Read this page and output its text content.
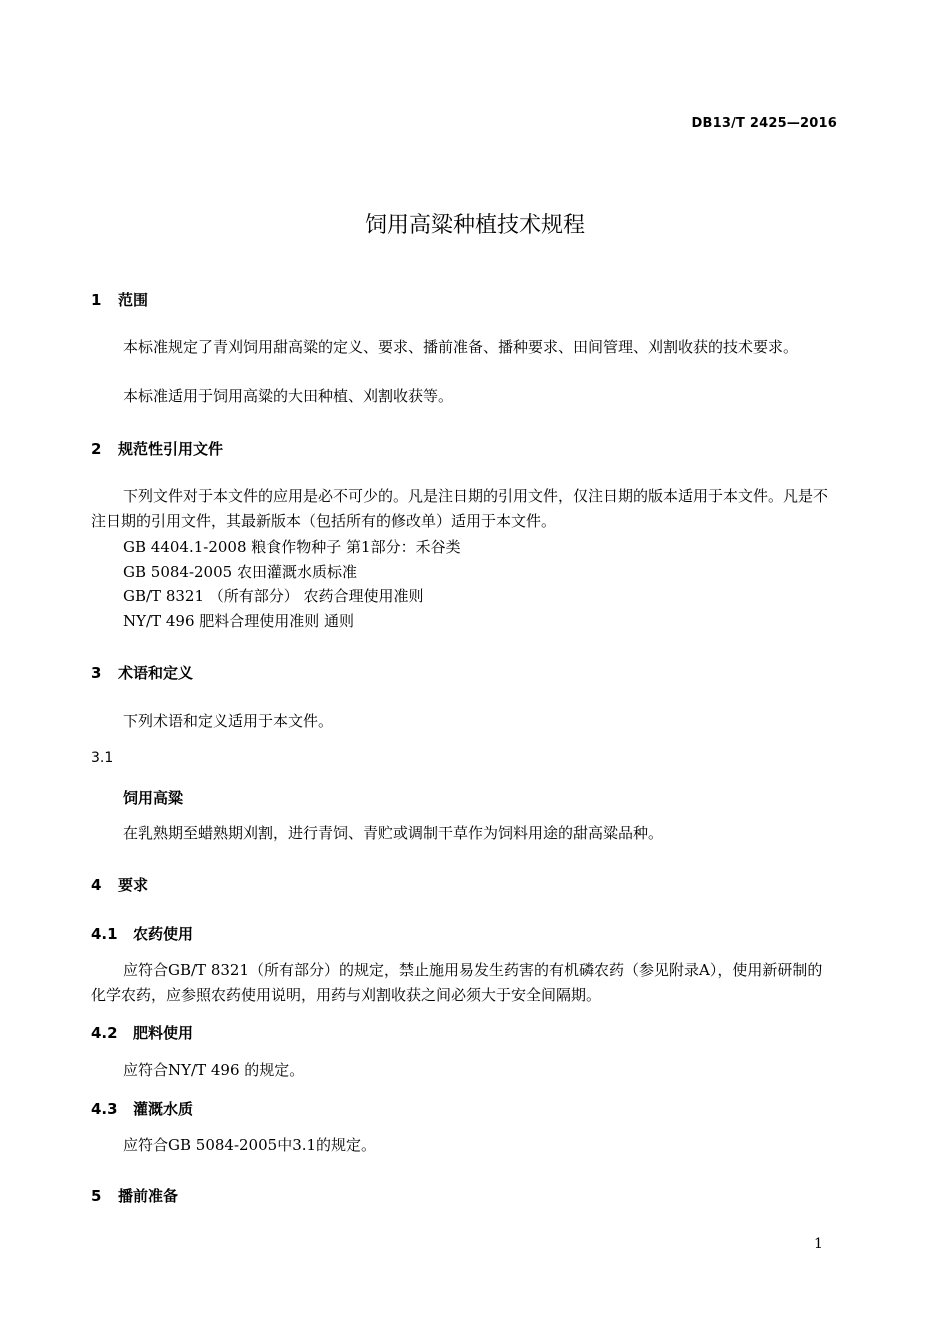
DB13/T 2425—2016
饲用高粱种植技术规程
1 范围
本标准规定了青刈饲用甜高粱的定义、要求、播前准备、播种要求、田间管理、刈割收获的技术要求。
本标准适用于饲用高粱的大田种植、刈割收获等。
2 规范性引用文件
下列文件对于本文件的应用是必不可少的。凡是注日期的引用文件，仅注日期的版本适用于本文件。凡是不注日期的引用文件，其最新版本（包括所有的修改单）适用于本文件。
GB 4404.1-2008 粮食作物种子 第1部分：禾谷类
GB 5084-2005 农田灌溉水质标准
GB/T 8321 （所有部分） 农药合理使用准则
NY/T 496 肥料合理使用准则 通则
3 术语和定义
下列术语和定义适用于本文件。
3.1
饲用高粱
在乳熟期至蜡熟期刈割，进行青饲、青贮或调制干草作为饲料用途的甜高粱品种。
4 要求
4.1 农药使用
应符合GB/T 8321（所有部分）的规定，禁止施用易发生药害的有机磷农药（参见附录A），使用新研制的化学农药，应参照农药使用说明，用药与刈割收获之间必须大于安全间隔期。
4.2 肥料使用
应符合NY/T 496 的规定。
4.3 灌溉水质
应符合GB 5084-2005中3.1的规定。
5 播前准备
1
